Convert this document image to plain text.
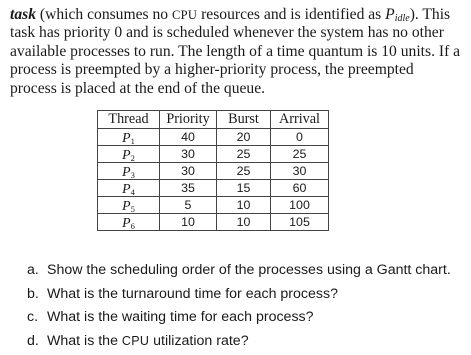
task (which consumes no CPU resources and is identified as $P_{idle}$). This task has priority 0 and is scheduled whenever the system has no other available processes to run. The length of a time quantum is 10 units. If a process is preempted by a higher-priority process, the preempted process is placed at the end of the queue.
Thread	Priority	Burst	Arrival
$P_1$	40	20	0
$P_2$	30	25	25
$P_3$	30	25	30
$P_4$	35	15	60
$P_5$	5	10	100
$P_6$	10	10	105
a. Show the scheduling order of the processes using a Gantt chart.
b. What is the turnaround time for each process?
c. What is the waiting time for each process?
d. What is the CPU utilization rate?
